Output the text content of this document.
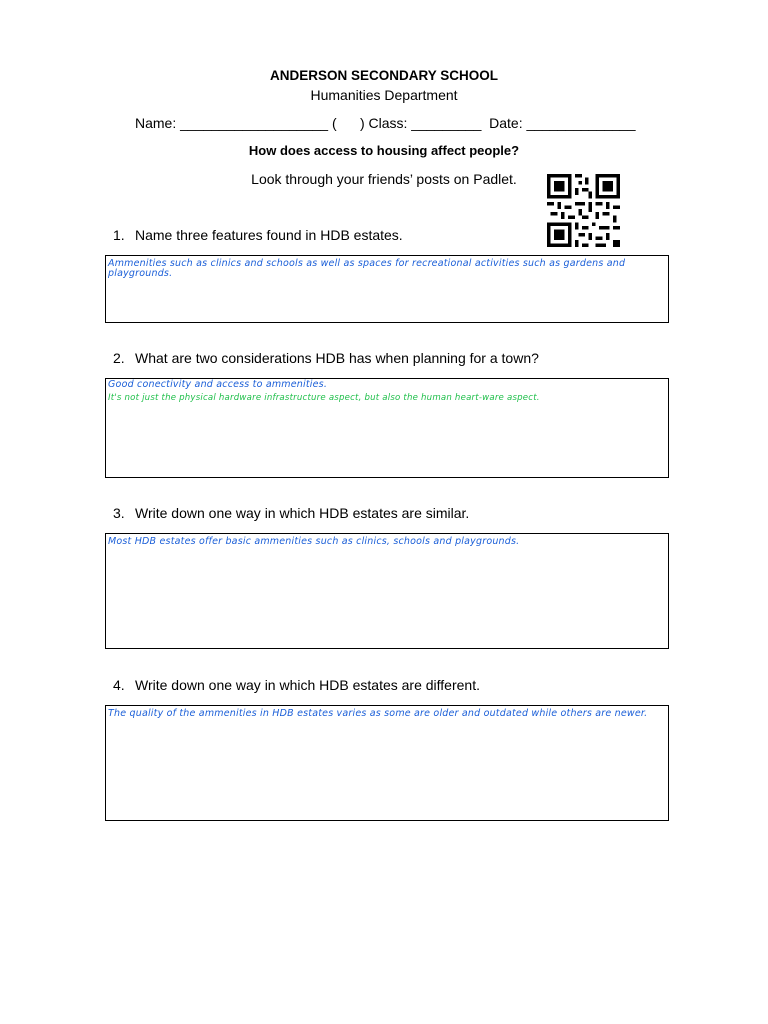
ANDERSON SECONDARY SCHOOL
Humanities Department
Name: ___________________ (      ) Class: _________  Date: ______________
How does access to housing affect people?
Look through your friends’ posts on Padlet.
1. Name three features found in HDB estates.
Ammenities such as clinics and schools as well as spaces for recreational activities such as gardens and
playgrounds.
2. What are two considerations HDB has when planning for a town?
Good conectivity and access to ammenities.
It's not just the physical hardware infrastructure aspect, but also the human heart-ware aspect.
3. Write down one way in which HDB estates are similar.
Most HDB estates offer basic ammenities such as clinics, schools and playgrounds.
4. Write down one way in which HDB estates are different.
The quality of the ammenities in HDB estates varies as some are older and outdated while others are newer.
